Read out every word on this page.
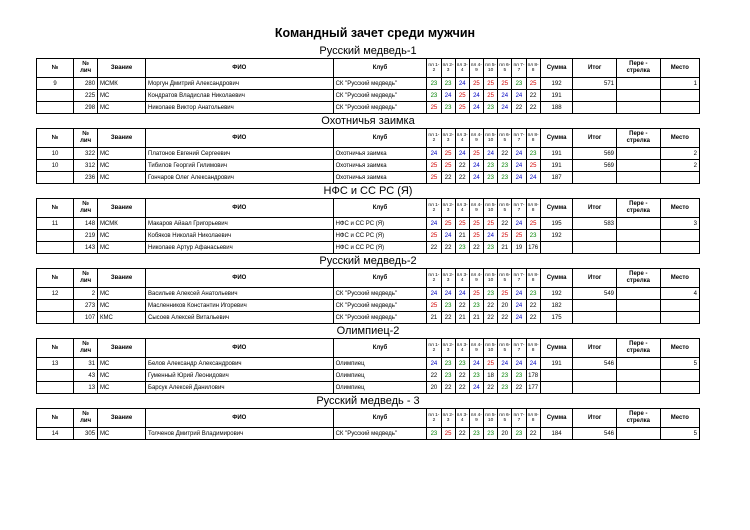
Командный зачет среди мужчин
Русский медведь-1
№	№ лич	Звание	ФИО	Клуб	пл 1-2	пл 2-3	пл 3-4	пл 4-9	пл 5-10	пл 6-5	пл 7-7	пл 8-8	Сумма	Итог	Пере - стрелка	Место
9	280	МСМК	Моргун Дмитрий Александрович	СК "Русский медведь"	23	23	24	25	25	25	23	25	192	571		1
	225	МС	Кондратов Владислав Николаевич	СК "Русский медведь"	23	24	25	24	25	24	24	22	191			
	298	МС	Николаев Виктор Анатольевич	СК "Русский медведь"	25	23	25	24	23	24	22	22	188			
Охотничья заимка
№	№ лич	Звание	ФИО	Клуб	пл 1-2	пл 2-3	пл 3-4	пл 4-9	пл 5-10	пл 6-5	пл 7-7	пл 8-8	Сумма	Итог	Пере - стрелка	Место
10	322	МС	Платонов Евгений Сергеевич	Охотничья заимка	24	25	24	25	24	22	24	23	191	569		2
10	312	МС	Тибилов Георгий Гилимович	Охотничья заимка	25	25	22	24	23	23	24	25	191	569		2
	236	МС	Гончаров Олег Александрович	Охотничья заимка	25	22	22	24	23	23	24	24	187			
НФС и СС РС (Я)
№	№ лич	Звание	ФИО	Клуб	пл 1-2	пл 2-3	пл 3-4	пл 4-9	пл 5-10	пл 6-5	пл 7-7	пл 8-8	Сумма	Итог	Пере - стрелка	Место
11	148	МСМК	Макаров Айаал Григорьевич	НФС и СС РС (Я)	24	25	25	25	25	22	24	25	195	583		3
	219	МС	Кобяков Николай Николаевич	НФС и СС РС (Я)	25	24	21	25	24	25	25	23	192			
	143	МС	Николаев Артур Афанасьевич	НФС и СС РС (Я)	22	22	23	22	23	21	19	176				
Русский медведь-2
№	№ лич	Звание	ФИО	Клуб	пл 1-2	пл 2-3	пл 3-4	пл 4-9	пл 5-10	пл 6-5	пл 7-7	пл 8-8	Сумма	Итог	Пере - стрелка	Место
12	2	МС	Васильев Алексей Анатольевич	СК "Русский медведь"	24	24	24	25	23	25	24	23	192	549		4
	273	МС	Масленников Константин Игоревич	СК "Русский медведь"	25	23	22	23	22	20	24	22	182			
	107	КМС	Сысоев Алексей Витальевич	СК "Русский медведь"	21	22	21	21	22	22	24	22	175			
Олимпиец-2
№	№ лич	Звание	ФИО	Клуб	пл 1-2	пл 2-3	пл 3-4	пл 4-9	пл 5-10	пл 6-5	пл 7-7	пл 8-8	Сумма	Итог	Пере - стрелка	Место
13	31	МС	Белов Александр Александрович	Олимпиец	24	23	23	24	25	24	24	24	191	546		5
	43	МС	Гуменный Юрий Леонидович	Олимпиец	22	23	22	23	18	23	23	178				
	13	МС	Барсук Алексей Данилович	Олимпиец	20	22	22	24	22	23	22	177				
Русский медведь - 3
№	№ лич	Звание	ФИО	Клуб	пл 1-2	пл 2-3	пл 3-4	пл 4-9	пл 5-10	пл 6-5	пл 7-7	пл 8-8	Сумма	Итог	Пере - стрелка	Место
14	305	МС	Толченов Дмитрий Владимирович	СК "Русский медведь"	23	25	22	23	23	20	23	22	184	546		5
